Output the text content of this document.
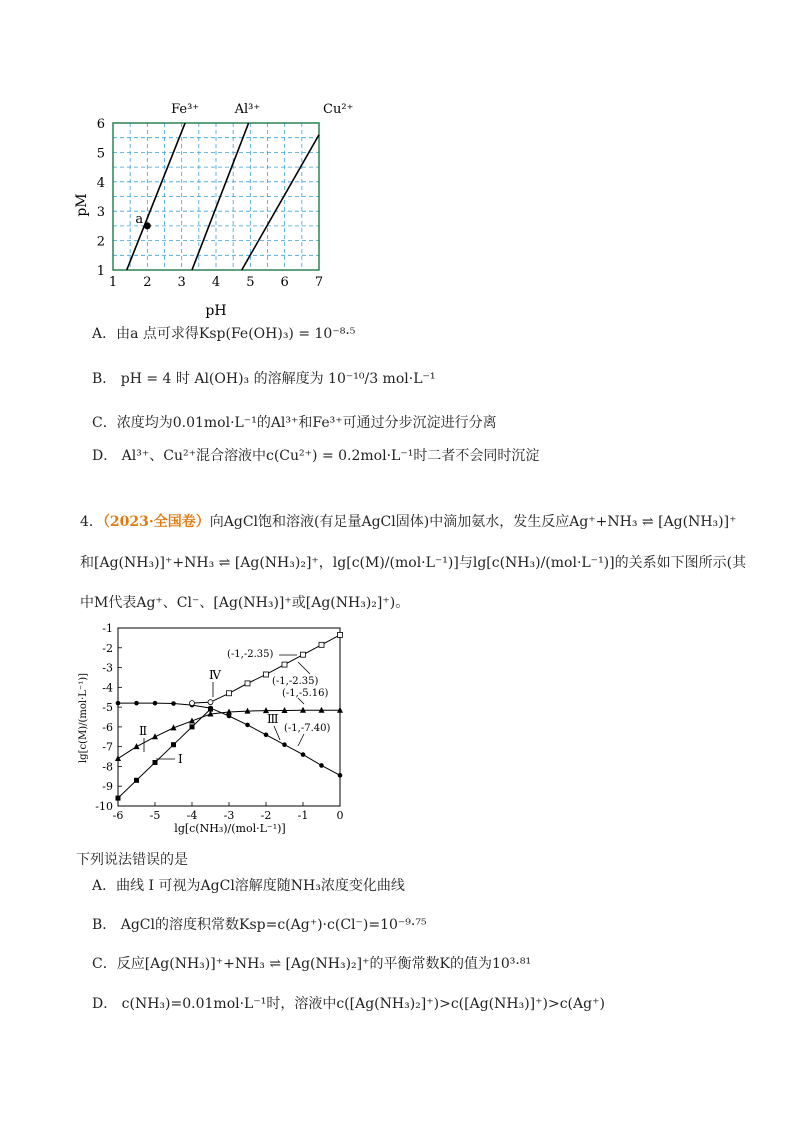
Fe³⁺	Al³⁺	Cu²⁺
a
1 2 3 4 5 6 7
1
2
3
4
5
6
pM
pH
A．由a 点可求得Ksp(Fe(OH)₃) = 10⁻⁸·⁵
B． pH = 4 时 Al(OH)₃ 的溶解度为 10⁻¹⁰/3 mol·L⁻¹
C．浓度均为0.01mol·L⁻¹的Al³⁺和Fe³⁺可通过分步沉淀进行分离
D． Al³⁺、Cu²⁺混合溶液中c(Cu²⁺) = 0.2mol·L⁻¹时二者不会同时沉淀
4．（2023·全国卷）向AgCl饱和溶液(有足量AgCl固体)中滴加氨水，发生反应Ag⁺+NH₃ ⇌ [Ag(NH₃)]⁺
和[Ag(NH₃)]⁺+NH₃ ⇌ [Ag(NH₃)₂]⁺，lg[c(M)/(mol·L⁻¹)]与lg[c(NH₃)/(mol·L⁻¹)]的关系如下图所示(其
中M代表Ag⁺、Cl⁻、[Ag(NH₃)]⁺或[Ag(NH₃)₂]⁺)。
-6 -5 -4 -3 -2 -1	0
-1
-2
-3
-4
-5
-6
-7
-8
-9
-10
lg[c(M)/(mol·L⁻¹)]
lg[c(NH₃)/(mol·L⁻¹)]
Ⅰ
Ⅱ
Ⅲ
Ⅳ
(-1,-2.35)
(-1,-2.35)
(-1,-5.16)
(-1,-7.40)
下列说法错误的是
A．曲线 I 可视为AgCl溶解度随NH₃浓度变化曲线
B． AgCl的溶度积常数Ksp=c(Ag⁺)·c(Cl⁻)=10⁻⁹·⁷⁵
C．反应[Ag(NH₃)]⁺+NH₃ ⇌ [Ag(NH₃)₂]⁺的平衡常数K的值为10³·⁸¹
D． c(NH₃)=0.01mol·L⁻¹时，溶液中c([Ag(NH₃)₂]⁺)>c([Ag(NH₃)]⁺)>c(Ag⁺)
